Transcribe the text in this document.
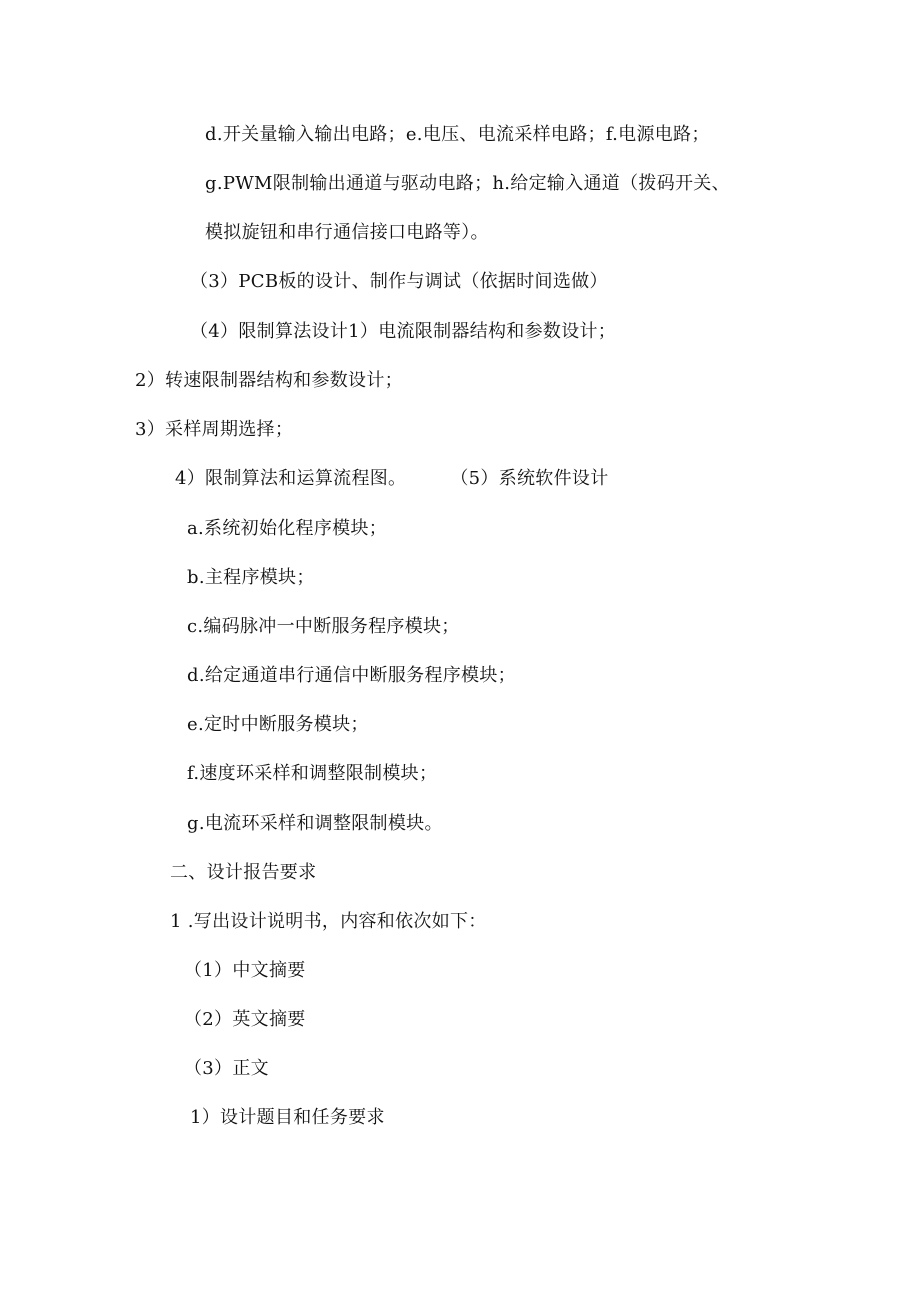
d.开关量输入输出电路；e.电压、电流采样电路；f.电源电路；
g.PWM限制输出通道与驱动电路；h.给定输入通道（拨码开关、
模拟旋钮和串行通信接口电路等）。
（3）PCB板的设计、制作与调试（依据时间选做）
（4）限制算法设计1）电流限制器结构和参数设计；
2）转速限制器结构和参数设计；
3）采样周期选择；
4）限制算法和运算流程图。 （5）系统软件设计
a.系统初始化程序模块；
b.主程序模块；
c.编码脉冲一中断服务程序模块；
d.给定通道串行通信中断服务程序模块；
e.定时中断服务模块；
f.速度环采样和调整限制模块；
g.电流环采样和调整限制模块。
二、设计报告要求
1 .写出设计说明书，内容和依次如下：
（1）中文摘要
（2）英文摘要
（3）正文
1）设计题目和任务要求
